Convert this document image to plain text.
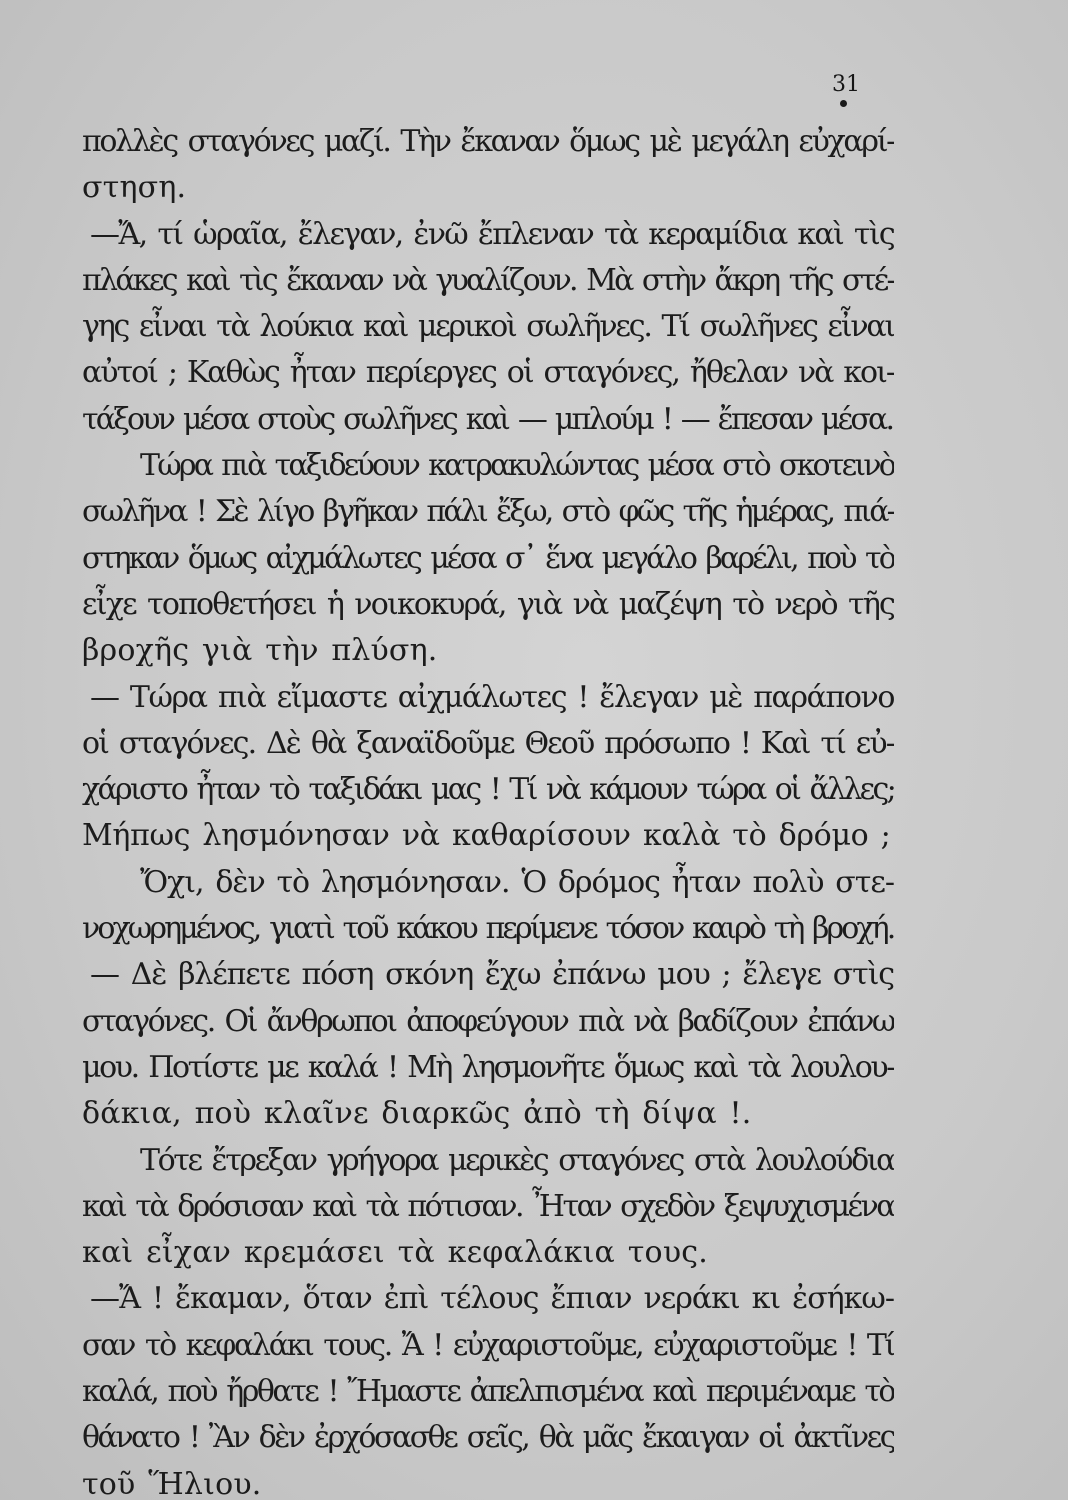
31
πολλὲς σταγόνες μαζί. Τὴν ἔκαναν ὅμως μὲ μεγάλη εὐχαρί-
στηση.
—Ἄ, τί ὡραῖα, ἔλεγαν, ἐνῶ ἔπλεναν τὰ κεραμίδια καὶ τὶς
πλάκες καὶ τὶς ἔκαναν νὰ γυαλίζουν. Μὰ στὴν ἄκρη τῆς στέ-
γης εἶναι τὰ λούκια καὶ μερικοὶ σωλῆνες. Τί σωλῆνες εἶναι
αὐτοί ; Καθὼς ἦταν περίεργες οἱ σταγόνες, ἤθελαν νὰ κοι-
τάξουν μέσα στοὺς σωλῆνες καὶ — μπλούμ ! — ἔπεσαν μέσα.
Τώρα πιὰ ταξιδεύουν κατρακυλώντας μέσα στὸ σκοτεινὸ
σωλῆνα ! Σὲ λίγο βγῆκαν πάλι ἔξω, στὸ φῶς τῆς ἡμέρας, πιά-
στηκαν ὅμως αἰχμάλωτες μέσα σ᾿ ἕνα μεγάλο βαρέλι, ποὺ τὸ
εἶχε τοποθετήσει ἡ νοικοκυρά, γιὰ νὰ μαζέψη τὸ νερὸ τῆς
βροχῆς γιὰ τὴν πλύση.
— Τώρα πιὰ εἴμαστε αἰχμάλωτες ! ἔλεγαν μὲ παράπονο
οἱ σταγόνες. Δὲ θὰ ξαναϊδοῦμε Θεοῦ πρόσωπο ! Καὶ τί εὐ-
χάριστο ἦταν τὸ ταξιδάκι μας ! Τί νὰ κάμουν τώρα οἱ ἄλλες;
Μήπως λησμόνησαν νὰ καθαρίσουν καλὰ τὸ δρόμο ;
Ὄχι, δὲν τὸ λησμόνησαν. Ὁ δρόμος ἦταν πολὺ στε-
νοχωρημένος, γιατὶ τοῦ κάκου περίμενε τόσον καιρὸ τὴ βροχή.
— Δὲ βλέπετε πόση σκόνη ἔχω ἐπάνω μου ; ἔλεγε στὶς
σταγόνες. Οἱ ἄνθρωποι ἀποφεύγουν πιὰ νὰ βαδίζουν ἐπάνω
μου. Ποτίστε με καλά ! Μὴ λησμονῆτε ὅμως καὶ τὰ λουλου-
δάκια, ποὺ κλαῖνε διαρκῶς ἀπὸ τὴ δίψα !.
Τότε ἔτρεξαν γρήγορα μερικὲς σταγόνες στὰ λουλούδια
καὶ τὰ δρόσισαν καὶ τὰ πότισαν. Ἦταν σχεδὸν ξεψυχισμένα
καὶ εἶχαν κρεμάσει τὰ κεφαλάκια τους.
—Ἄ ! ἔκαμαν, ὅταν ἐπὶ τέλους ἔπιαν νεράκι κι ἐσήκω-
σαν τὸ κεφαλάκι τους. Ἄ ! εὐχαριστοῦμε, εὐχαριστοῦμε ! Τί
καλά, ποὺ ἤρθατε ! Ἤμαστε ἀπελπισμένα καὶ περιμέναμε τὸ
θάνατο ! Ἂν δὲν ἐρχόσασθε σεῖς, θὰ μᾶς ἔκαιγαν οἱ ἀκτῖνες
τοῦ Ἥλιου.
